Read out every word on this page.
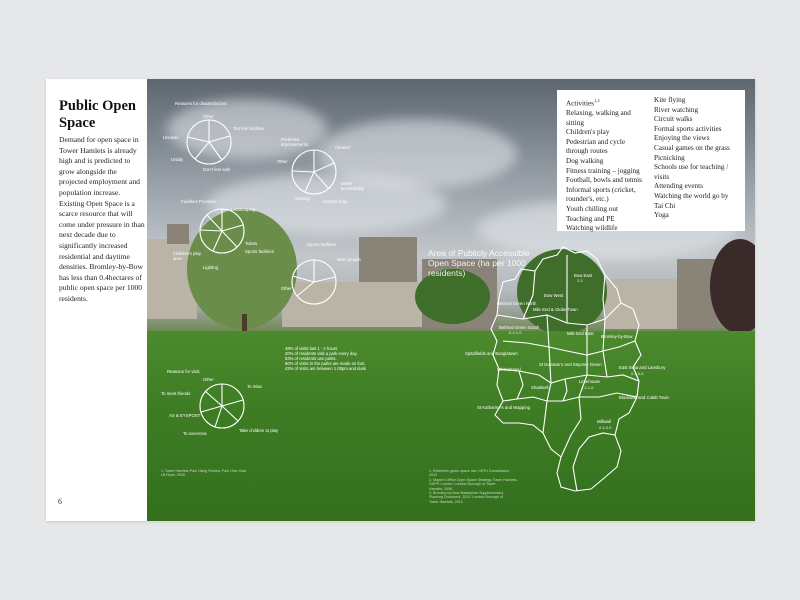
Public Open Space
Demand for open space in Tower Hamlets is already high and is predicted to grow alongside the projected employment and population increase. Existing Open Space is a scarce resource that will come under pressure in than next decade due to significantly increased residential and daytime densities. Bromley-by-Bow has less than 0.4hectares of public open space per 1000 residents.
6
Area of Publicly Accessible Open Space (ha per 1000 residents)	Bow East
3.3
Bethnal Green North
Bow West
Mile End & Globe Town
Bethnal Green South
0.4-1.0	Mile End East
Bromley-by-Bow
Spitalfields and Banglatown
Whitechapel
St Dunstan's and Stepney Green
Shadwell
Limehouse
1.2-1.6
East India and Lansbury
0.4-0.6
St Katharine's and Wapping
Blackwall and Cubitt Town
Millwall
0.4-0.6
Reasons for dissatisfaction:
Other
Too few facilities
Unclean
Untidy
Don't feel safe
Preferred improvements:
Cleaner
Other
Better accessibility
Seating
Control dogs
Facilities Priorities:
Landscaping
Children's play area
Toilets
Sports facilities
Lighting
Sports facilities
More people
Other
Reasons for visit:
Other
To relax
To meet friends
AS & EYSPOST
To excercise
Take children to play
48% of visits last 1 - 2 hours
20% of residents visit a park every day.
63% of residents use parks.
60% of visits to the parks are made on foot.
43% of visits are between 1.00pm and dusk
1. Tower Hamlets Park Using Review, Park User Cast
LB Ruse, 2005
1. Residents green space use: LBTH Consultation,
2010
2. Mayor's Office Open Space Strategy, Tower Hamlets,
OSPP, London: London Borough of Tower
Hamlets, 2006
3. Bromley-by-Bow Masterplan Supplementary
Planning Document, 2012: London Borough of
Tower Hamlets, 2012
Activities$^{1,2}$
Relaxing, walking and
sitting
Children's play
Pedestrian and cycle
through routes
Dog walking
Fitness training – jogging
Football, bowls and tennis
Informal sports (cricket,
rounder's, etc.)
Youth chilling out
Teaching and PE
Watching wildlife
Kite flying
River watching
Circuit walks
Formal sports activities
Enjoying the views
Casual games on the grass
Picnicking
Schools use for teaching /
visits
Attending events
Watching the world go by
Tai Chi
Yoga
